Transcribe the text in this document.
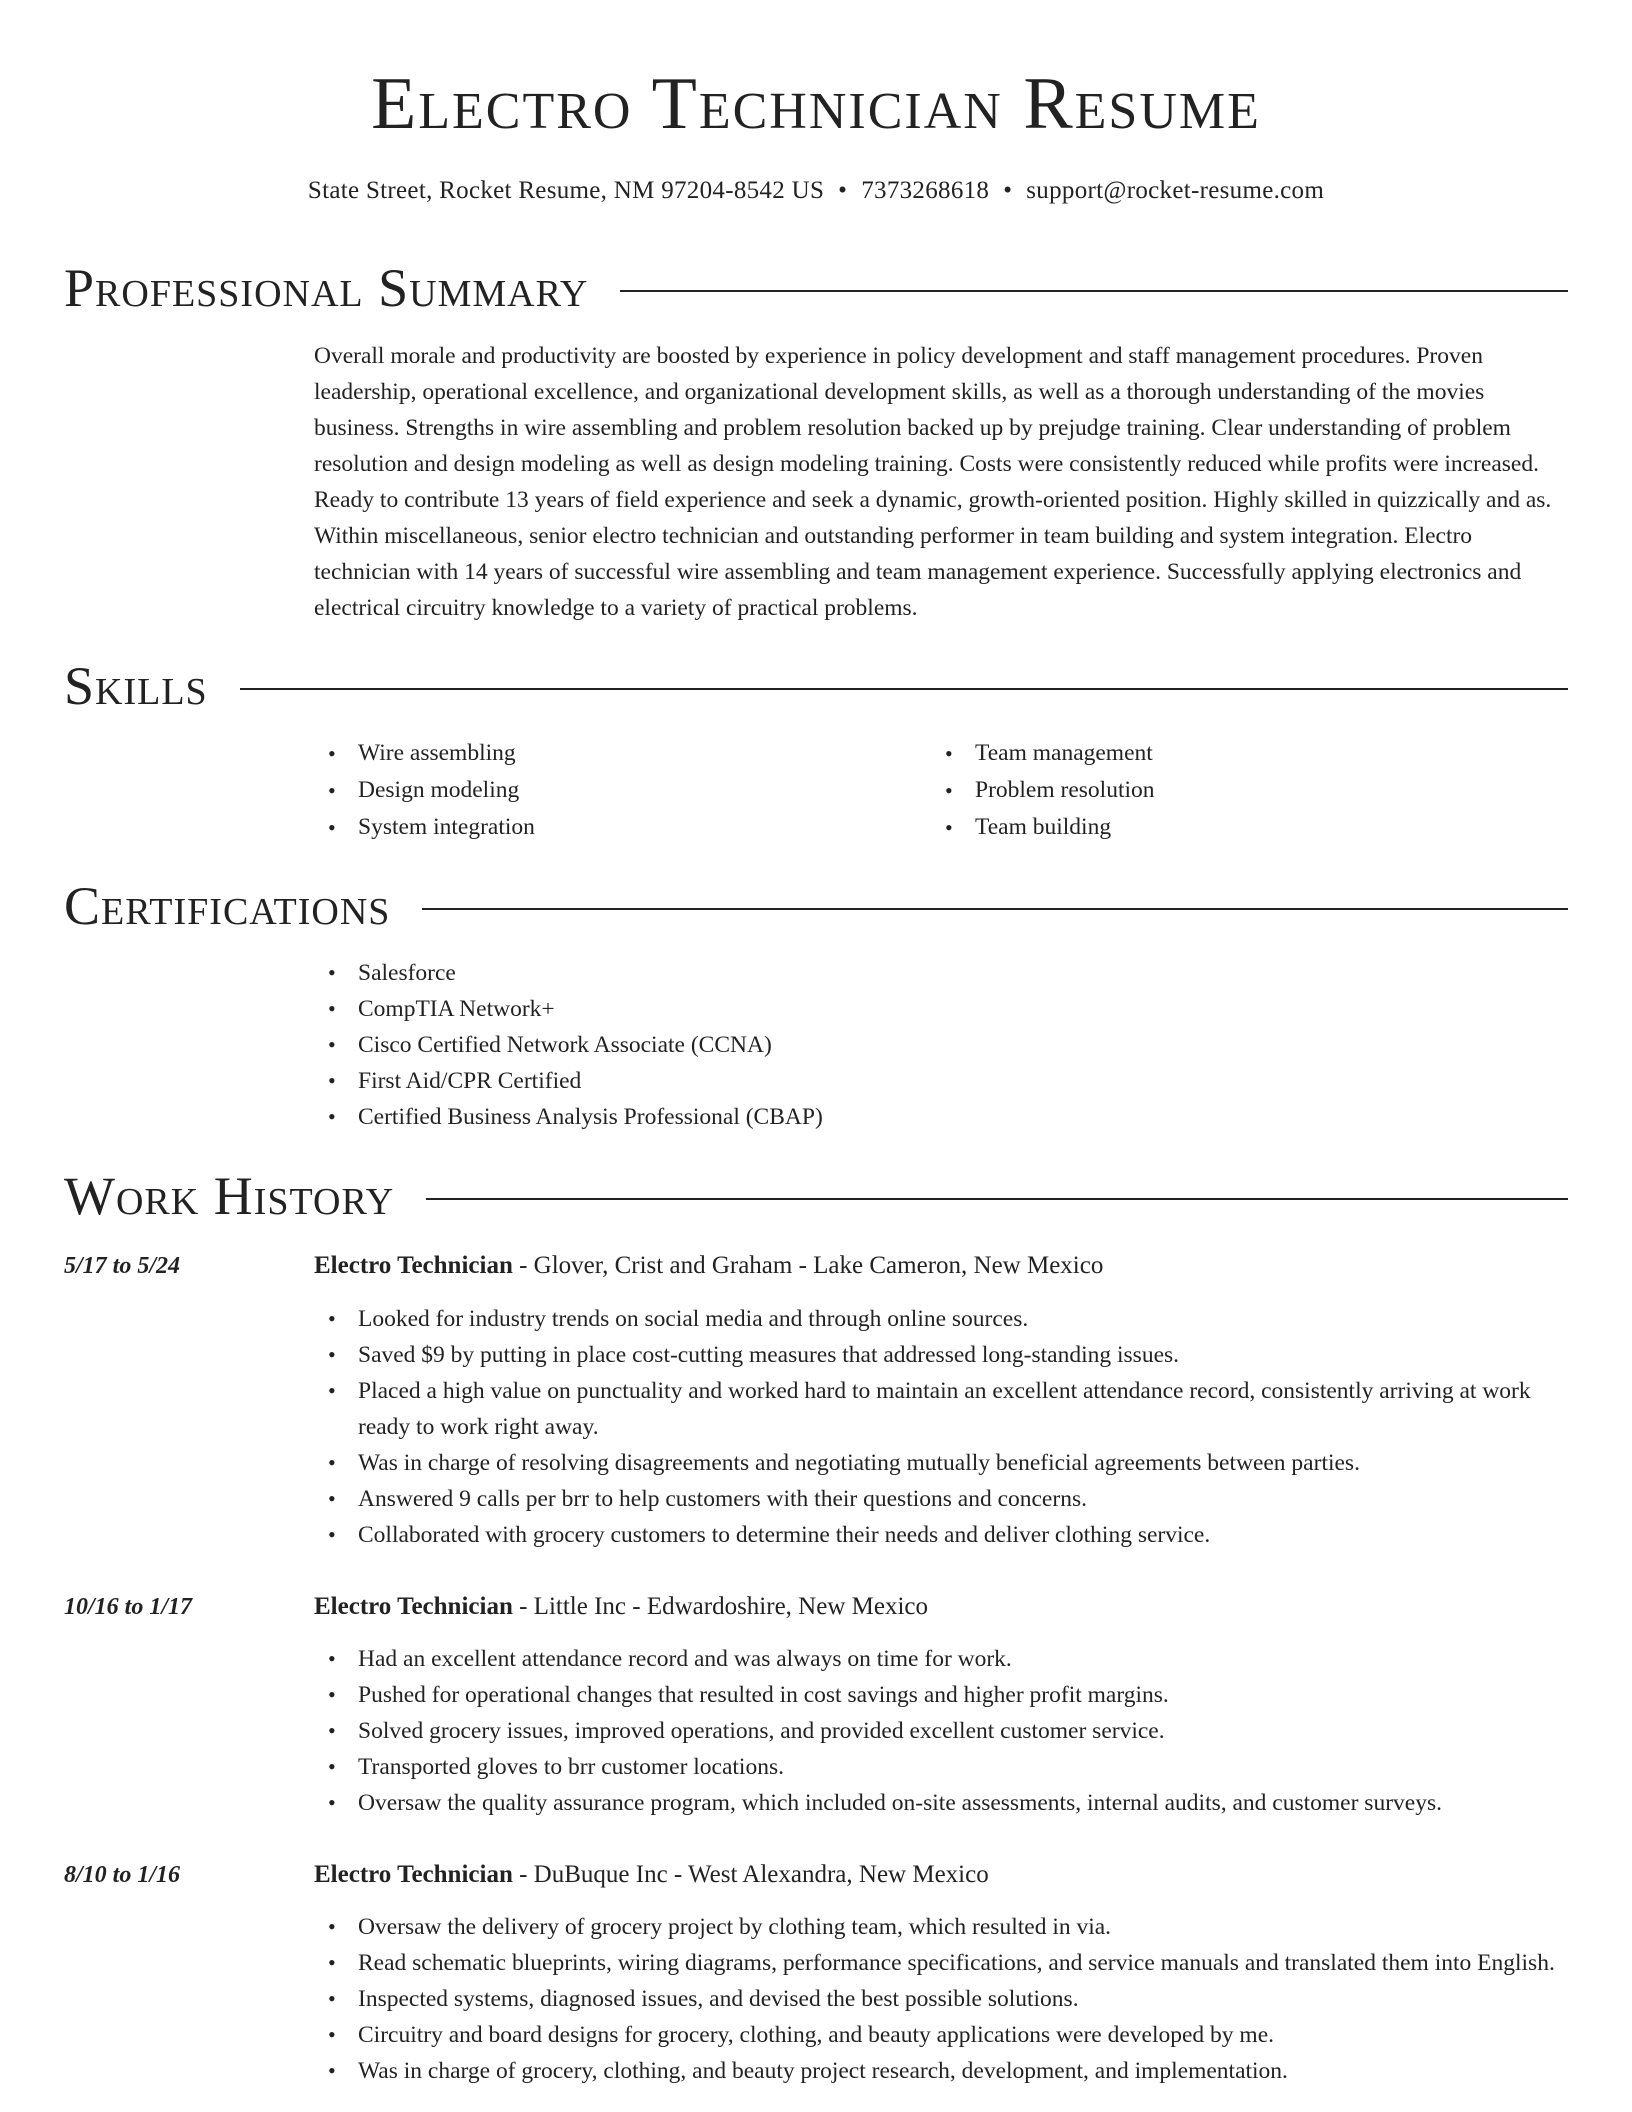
Electro Technician Resume
State Street, Rocket Resume, NM 97204-8542 US • 7373268618 • support@rocket-resume.com
Professional Summary
Overall morale and productivity are boosted by experience in policy development and staff management procedures. Proven leadership, operational excellence, and organizational development skills, as well as a thorough understanding of the movies business. Strengths in wire assembling and problem resolution backed up by prejudge training. Clear understanding of problem resolution and design modeling as well as design modeling training. Costs were consistently reduced while profits were increased. Ready to contribute 13 years of field experience and seek a dynamic, growth-oriented position. Highly skilled in quizzically and as. Within miscellaneous, senior electro technician and outstanding performer in team building and system integration. Electro technician with 14 years of successful wire assembling and team management experience. Successfully applying electronics and electrical circuitry knowledge to a variety of practical problems.
Skills
• Wire assembling
• Design modeling
• System integration
• Team management
• Problem resolution
• Team building
Certifications
• Salesforce
• CompTIA Network+
• Cisco Certified Network Associate (CCNA)
• First Aid/CPR Certified
• Certified Business Analysis Professional (CBAP)
Work History
5/17 to 5/24	Electro Technician - Glover, Crist and Graham - Lake Cameron, New Mexico
• Looked for industry trends on social media and through online sources.
• Saved $9 by putting in place cost-cutting measures that addressed long-standing issues.
• Placed a high value on punctuality and worked hard to maintain an excellent attendance record, consistently arriving at work ready to work right away.
• Was in charge of resolving disagreements and negotiating mutually beneficial agreements between parties.
• Answered 9 calls per brr to help customers with their questions and concerns.
• Collaborated with grocery customers to determine their needs and deliver clothing service.
10/16 to 1/17	Electro Technician - Little Inc - Edwardoshire, New Mexico
• Had an excellent attendance record and was always on time for work.
• Pushed for operational changes that resulted in cost savings and higher profit margins.
• Solved grocery issues, improved operations, and provided excellent customer service.
• Transported gloves to brr customer locations.
• Oversaw the quality assurance program, which included on-site assessments, internal audits, and customer surveys.
8/10 to 1/16	Electro Technician - DuBuque Inc - West Alexandra, New Mexico
• Oversaw the delivery of grocery project by clothing team, which resulted in via.
• Read schematic blueprints, wiring diagrams, performance specifications, and service manuals and translated them into English.
• Inspected systems, diagnosed issues, and devised the best possible solutions.
• Circuitry and board designs for grocery, clothing, and beauty applications were developed by me.
• Was in charge of grocery, clothing, and beauty project research, development, and implementation.
